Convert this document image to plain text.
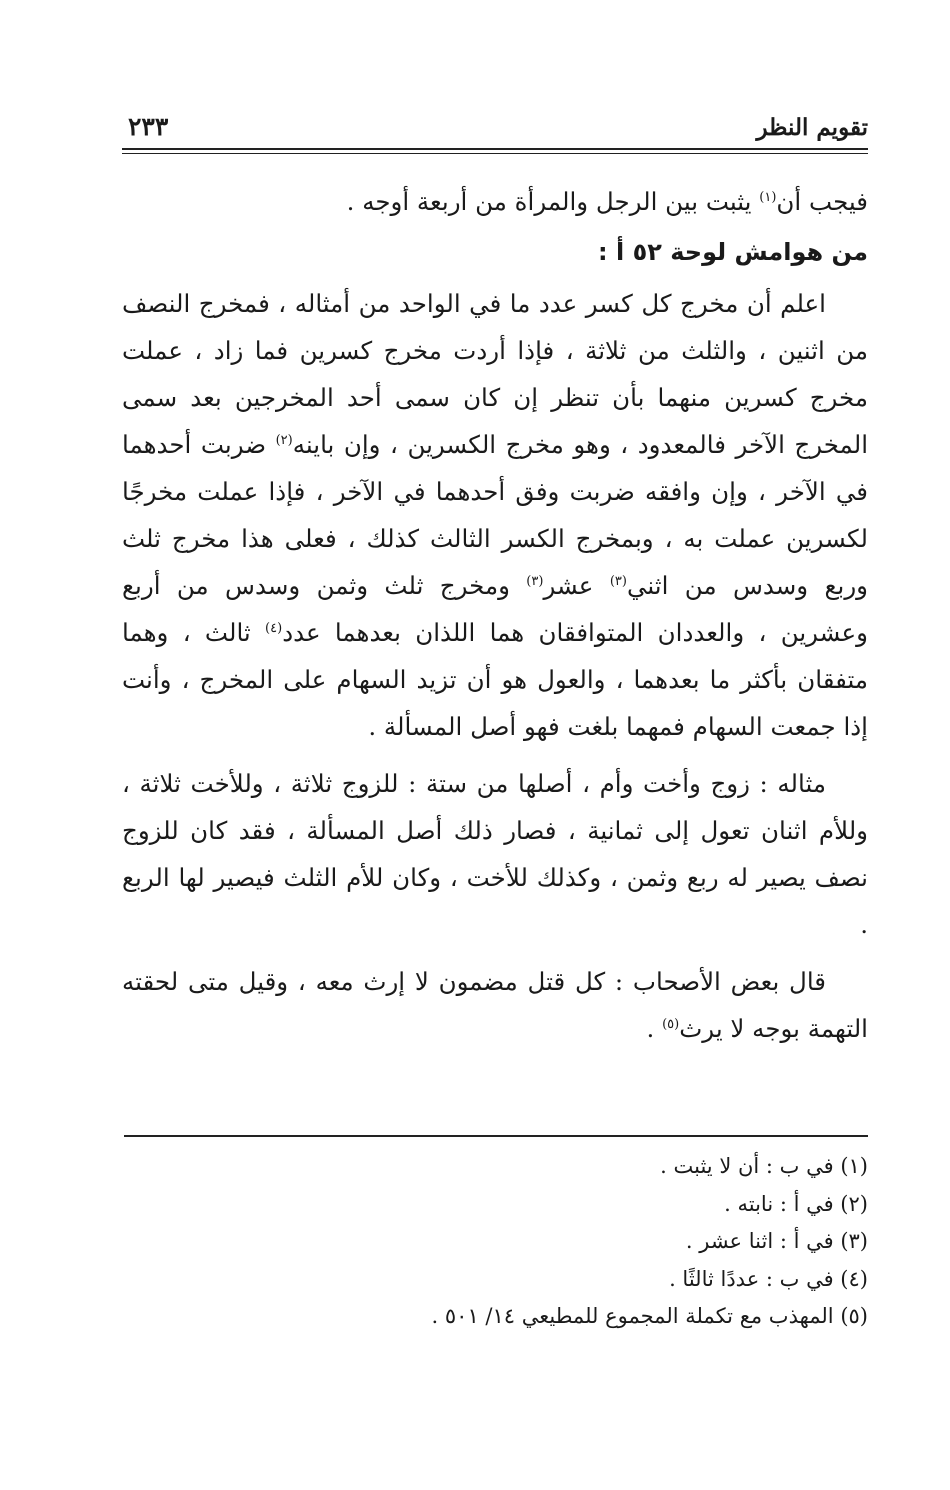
تقويم النظر
٢٣٣

فيجب أن$^{(١)}$ يثبت بين الرجل والمرأة من أربعة أوجه .

من هوامش لوحة ٥٢ أ :

اعلم أن مخرج كل كسر عدد ما في الواحد من أمثاله ، فمخرج النصف من اثنين ، والثلث من ثلاثة ، فإذا أردت مخرج كسرين فما زاد ، عملت مخرج كسرين منهما بأن تنظر إن كان سمى أحد المخرجين بعد سمى المخرج الآخر فالمعدود ، وهو مخرج الكسرين ، وإن باينه$^{(٢)}$ ضربت أحدهما في الآخر ، وإن وافقه ضربت وفق أحدهما في الآخر ، فإذا عملت مخرجًا لكسرين عملت به ، وبمخرج الكسر الثالث كذلك ، فعلى هذا مخرج ثلث وربع وسدس من اثني$^{(٣)}$ عشر$^{(٣)}$ ومخرج ثلث وثمن وسدس من أربع وعشرين ، والعددان المتوافقان هما اللذان بعدهما عدد$^{(٤)}$ ثالث ، وهما متفقان بأكثر ما بعدهما ، والعول هو أن تزيد السهام على المخرج ، وأنت إذا جمعت السهام فمهما بلغت فهو أصل المسألة .

مثاله : زوج وأخت وأم ، أصلها من ستة : للزوج ثلاثة ، وللأخت ثلاثة ، وللأم اثنان تعول إلى ثمانية ، فصار ذلك أصل المسألة ، فقد كان للزوج نصف يصير له ربع وثمن ، وكذلك للأخت ، وكان للأم الثلث فيصير لها الربع .

قال بعض الأصحاب : كل قتل مضمون لا إرث معه ، وقيل متى لحقته التهمة بوجه لا يرث$^{(٥)}$ .

(١) في ب : أن لا يثبت .

(٢) في أ : نابته .

(٣) في أ : اثنا عشر .

(٤) في ب : عددًا ثالثًا .

(٥) المهذب مع تكملة المجموع للمطيعي ١٤/ ٥٠١ .
